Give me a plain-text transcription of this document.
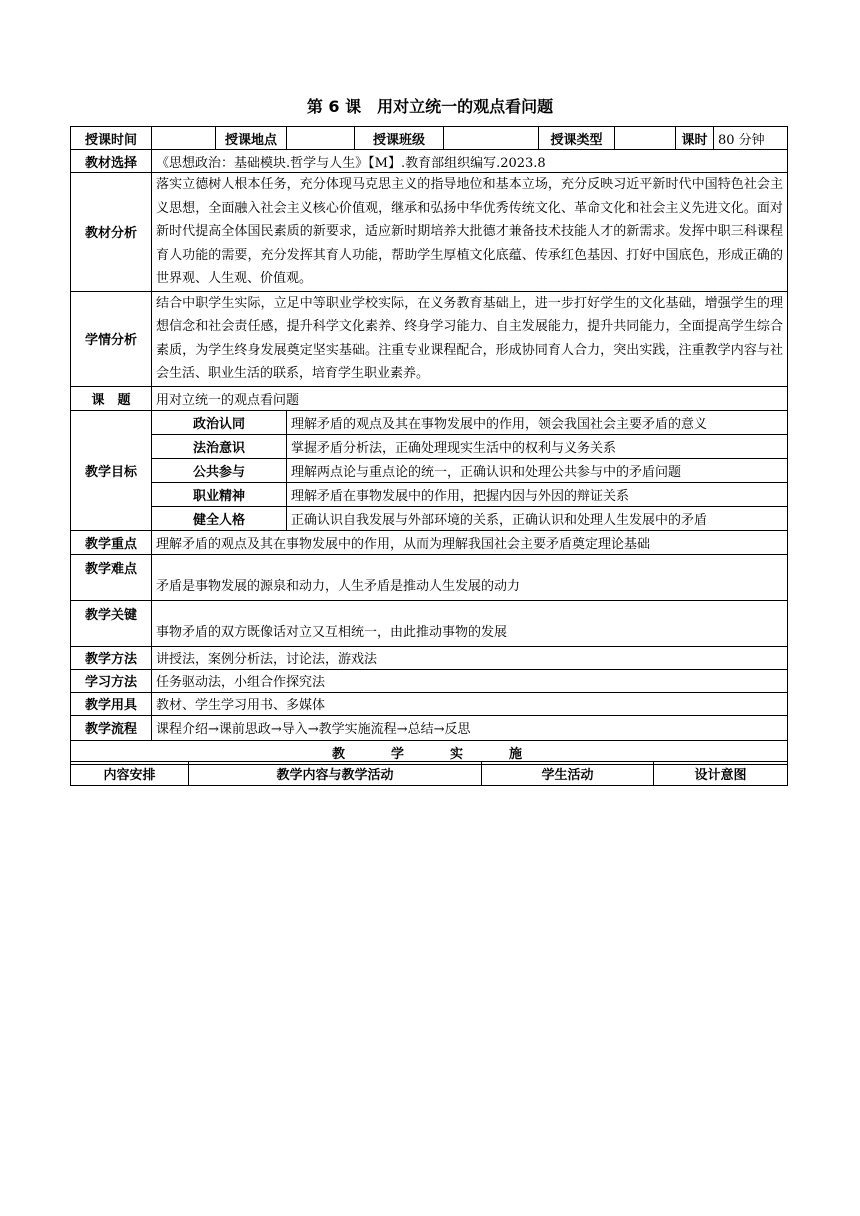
第 6 课　用对立统一的观点看问题
授课时间		授课地点		授课班级		授课类型		课时	80 分钟
教材选择	《思想政治：基础模块.哲学与人生》【M】.教育部组织编写.2023.8								
教材分析	落实立德树人根本任务，充分体现马克思主义的指导地位和基本立场，充分反映习近平新时代中国特色社会主义思想，全面融入社会主义核心价值观，继承和弘扬中华优秀传统文化、革命文化和社会主义先进文化。面对新时代提高全体国民素质的新要求，适应新时期培养大批德才兼备技术技能人才的新需求。发挥中职三科课程育人功能的需要，充分发挥其育人功能，帮助学生厚植文化底蕴、传承红色基因、打好中国底色，形成正确的世界观、人生观、价值观。								
学情分析	结合中职学生实际，立足中等职业学校实际，在义务教育基础上，进一步打好学生的文化基础，增强学生的理想信念和社会责任感，提升科学文化素养、终身学习能力、自主发展能力，提升共同能力，全面提高学生综合素质，为学生终身发展奠定坚实基础。注重专业课程配合，形成协同育人合力，突出实践，注重教学内容与社会生活、职业生活的联系，培育学生职业素养。								
课　题	用对立统一的观点看问题								
教学目标	政治认同		理解矛盾的观点及其在事物发展中的作用，领会我国社会主要矛盾的意义						
	法治意识		掌握矛盾分析法，正确处理现实生活中的权利与义务关系						
	公共参与		理解两点论与重点论的统一，正确认识和处理公共参与中的矛盾问题						
	职业精神		理解矛盾在事物发展中的作用，把握内因与外因的辩证关系						
	健全人格		正确认识自我发展与外部环境的关系，正确认识和处理人生发展中的矛盾						
教学重点	理解矛盾的观点及其在事物发展中的作用，从而为理解我国社会主要矛盾奠定理论基础								
教学难点	矛盾是事物发展的源泉和动力，人生矛盾是推动人生发展的动力								
教学关键	事物矛盾的双方既像话对立又互相统一，由此推动事物的发展								
教学方法	讲授法，案例分析法，讨论法，游戏法								
学习方法	任务驱动法，小组合作探究法								
教学用具	教材、学生学习用书、多媒体								
教学流程	课程介绍→课前思政→导入→教学实施流程→总结→反思								
教学实施									
内容安排	教学内容与教学活动	学生活动	设计意图
